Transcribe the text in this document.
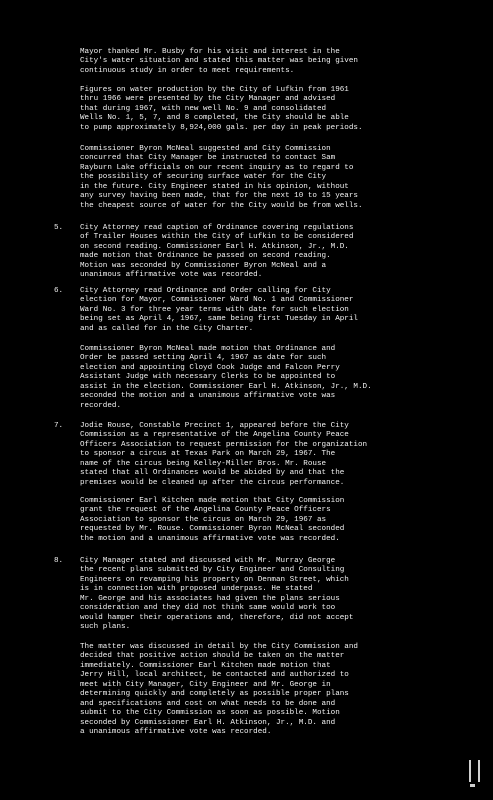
Mayor thanked Mr. Busby for his visit and interest in the

City's water situation and stated this matter was being given

continuous study in order to meet requirements.

Figures on water production by the City of Lufkin from 1961

thru 1966 were presented by the City Manager and advised

that during 1967, with new well No. 9 and consolidated

Wells No. 1, 5, 7, and 8 completed, the City should be able

to pump approximately 8,924,000 gals. per day in peak periods.

Commissioner Byron McNeal suggested and City Commission

concurred that City Manager be instructed to contact Sam

Rayburn Lake officials on our recent inquiry as to regard to

the possibility of securing surface water for the City

in the future. City Engineer stated in his opinion, without

any survey having been made, that for the next 10 to 15 years

the cheapest source of water for the City would be from wells.

5. City Attorney read caption of Ordinance covering regulations

of Trailer Houses within the City of Lufkin to be considered

on second reading. Commissioner Earl H. Atkinson, Jr., M.D.

made motion that Ordinance be passed on second reading.

Motion was seconded by Commissioner Byron McNeal and a

unanimous affirmative vote was recorded.

6. City Attorney read Ordinance and Order calling for City

election for Mayor, Commissioner Ward No. 1 and Commissioner

Ward No. 3 for three year terms with date for such election

being set as April 4, 1967, same being first Tuesday in April

and as called for in the City Charter.

Commissioner Byron McNeal made motion that Ordinance and

Order be passed setting April 4, 1967 as date for such

election and appointing Cloyd Cook Judge and Falcon Perry

Assistant Judge with necessary Clerks to be appointed to

assist in the election. Commissioner Earl H. Atkinson, Jr., M.D.

seconded the motion and a unanimous affirmative vote was

recorded.

7. Jodie Rouse, Constable Precinct 1, appeared before the City

Commission as a representative of the Angelina County Peace

Officers Association to request permission for the organization

to sponsor a circus at Texas Park on March 29, 1967. The

name of the circus being Kelley-Miller Bros. Mr. Rouse

stated that all Ordinances would be abided by and that the

premises would be cleaned up after the circus performance.

Commissioner Earl Kitchen made motion that City Commission

grant the request of the Angelina County Peace Officers

Association to sponsor the circus on March 29, 1967 as

requested by Mr. Rouse. Commissioner Byron McNeal seconded

the motion and a unanimous affirmative vote was recorded.

8. City Manager stated and discussed with Mr. Murray George

the recent plans submitted by City Engineer and Consulting

Engineers on revamping his property on Denman Street, which

is in connection with proposed underpass. He stated

Mr. George and his associates had given the plans serious

consideration and they did not think same would work too

would hamper their operations and, therefore, did not accept

such plans.

The matter was discussed in detail by the City Commission and

decided that positive action should be taken on the matter

immediately. Commissioner Earl Kitchen made motion that

Jerry Hill, local architect, be contacted and authorized to

meet with City Manager, City Engineer and Mr. George in

determining quickly and completely as possible proper plans

and specifications and cost on what needs to be done and

submit to the City Commission as soon as possible. Motion

seconded by Commissioner Earl H. Atkinson, Jr., M.D. and

a unanimous affirmative vote was recorded.
